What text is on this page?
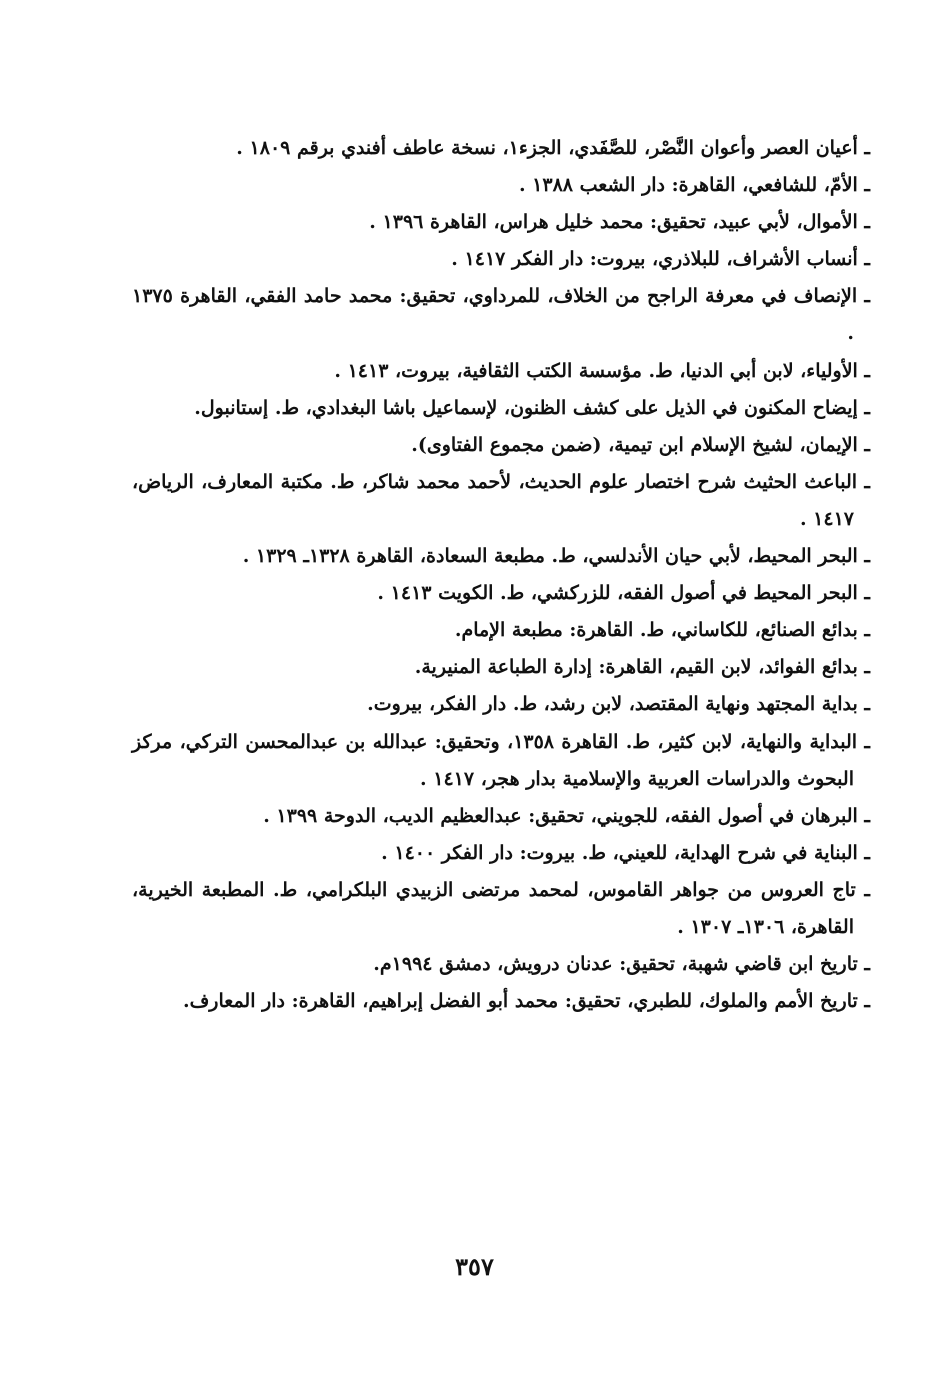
ـ أعيان العصر وأعوان النَّصْر، للصَّفَدي، الجزء١، نسخة عاطف أفندي برقم ١٨٠٩ .
ـ الأمّ، للشافعي، القاهرة: دار الشعب ١٣٨٨ .
ـ الأموال، لأبي عبيد، تحقيق: محمد خليل هراس، القاهرة ١٣٩٦ .
ـ أنساب الأشراف، للبلاذري، بيروت: دار الفكر ١٤١٧ .
ـ الإنصاف في معرفة الراجح من الخلاف، للمرداوي، تحقيق: محمد حامد الفقي، القاهرة ١٣٧٥ .
ـ الأولياء، لابن أبي الدنيا، ط. مؤسسة الكتب الثقافية، بيروت، ١٤١٣ .
ـ إيضاح المكنون في الذيل على كشف الظنون، لإسماعيل باشا البغدادي، ط. إستانبول.
ـ الإيمان، لشيخ الإسلام ابن تيمية، (ضمن مجموع الفتاوى).
ـ الباعث الحثيث شرح اختصار علوم الحديث، لأحمد محمد شاكر، ط. مكتبة المعارف، الرياض، ١٤١٧ .
ـ البحر المحيط، لأبي حيان الأندلسي، ط. مطبعة السعادة، القاهرة ١٣٢٨ـ ١٣٢٩ .
ـ البحر المحيط في أصول الفقه، للزركشي، ط. الكويت ١٤١٣ .
ـ بدائع الصنائع، للكاساني، ط. القاهرة: مطبعة الإمام.
ـ بدائع الفوائد، لابن القيم، القاهرة: إدارة الطباعة المنيرية.
ـ بداية المجتهد ونهاية المقتصد، لابن رشد، ط. دار الفكر، بيروت.
ـ البداية والنهاية، لابن كثير، ط. القاهرة ١٣٥٨، وتحقيق: عبدالله بن عبدالمحسن التركي، مركز البحوث والدراسات العربية والإسلامية بدار هجر، ١٤١٧ .
ـ البرهان في أصول الفقه، للجويني، تحقيق: عبدالعظيم الديب، الدوحة ١٣٩٩ .
ـ البناية في شرح الهداية، للعيني، ط. بيروت: دار الفكر ١٤٠٠ .
ـ تاج العروس من جواهر القاموس، لمحمد مرتضى الزبيدي البلكرامي، ط. المطبعة الخيرية، القاهرة، ١٣٠٦ـ ١٣٠٧ .
ـ تاريخ ابن قاضي شهبة، تحقيق: عدنان درويش، دمشق ١٩٩٤م.
ـ تاريخ الأمم والملوك، للطبري، تحقيق: محمد أبو الفضل إبراهيم، القاهرة: دار المعارف.
٣٥٧
